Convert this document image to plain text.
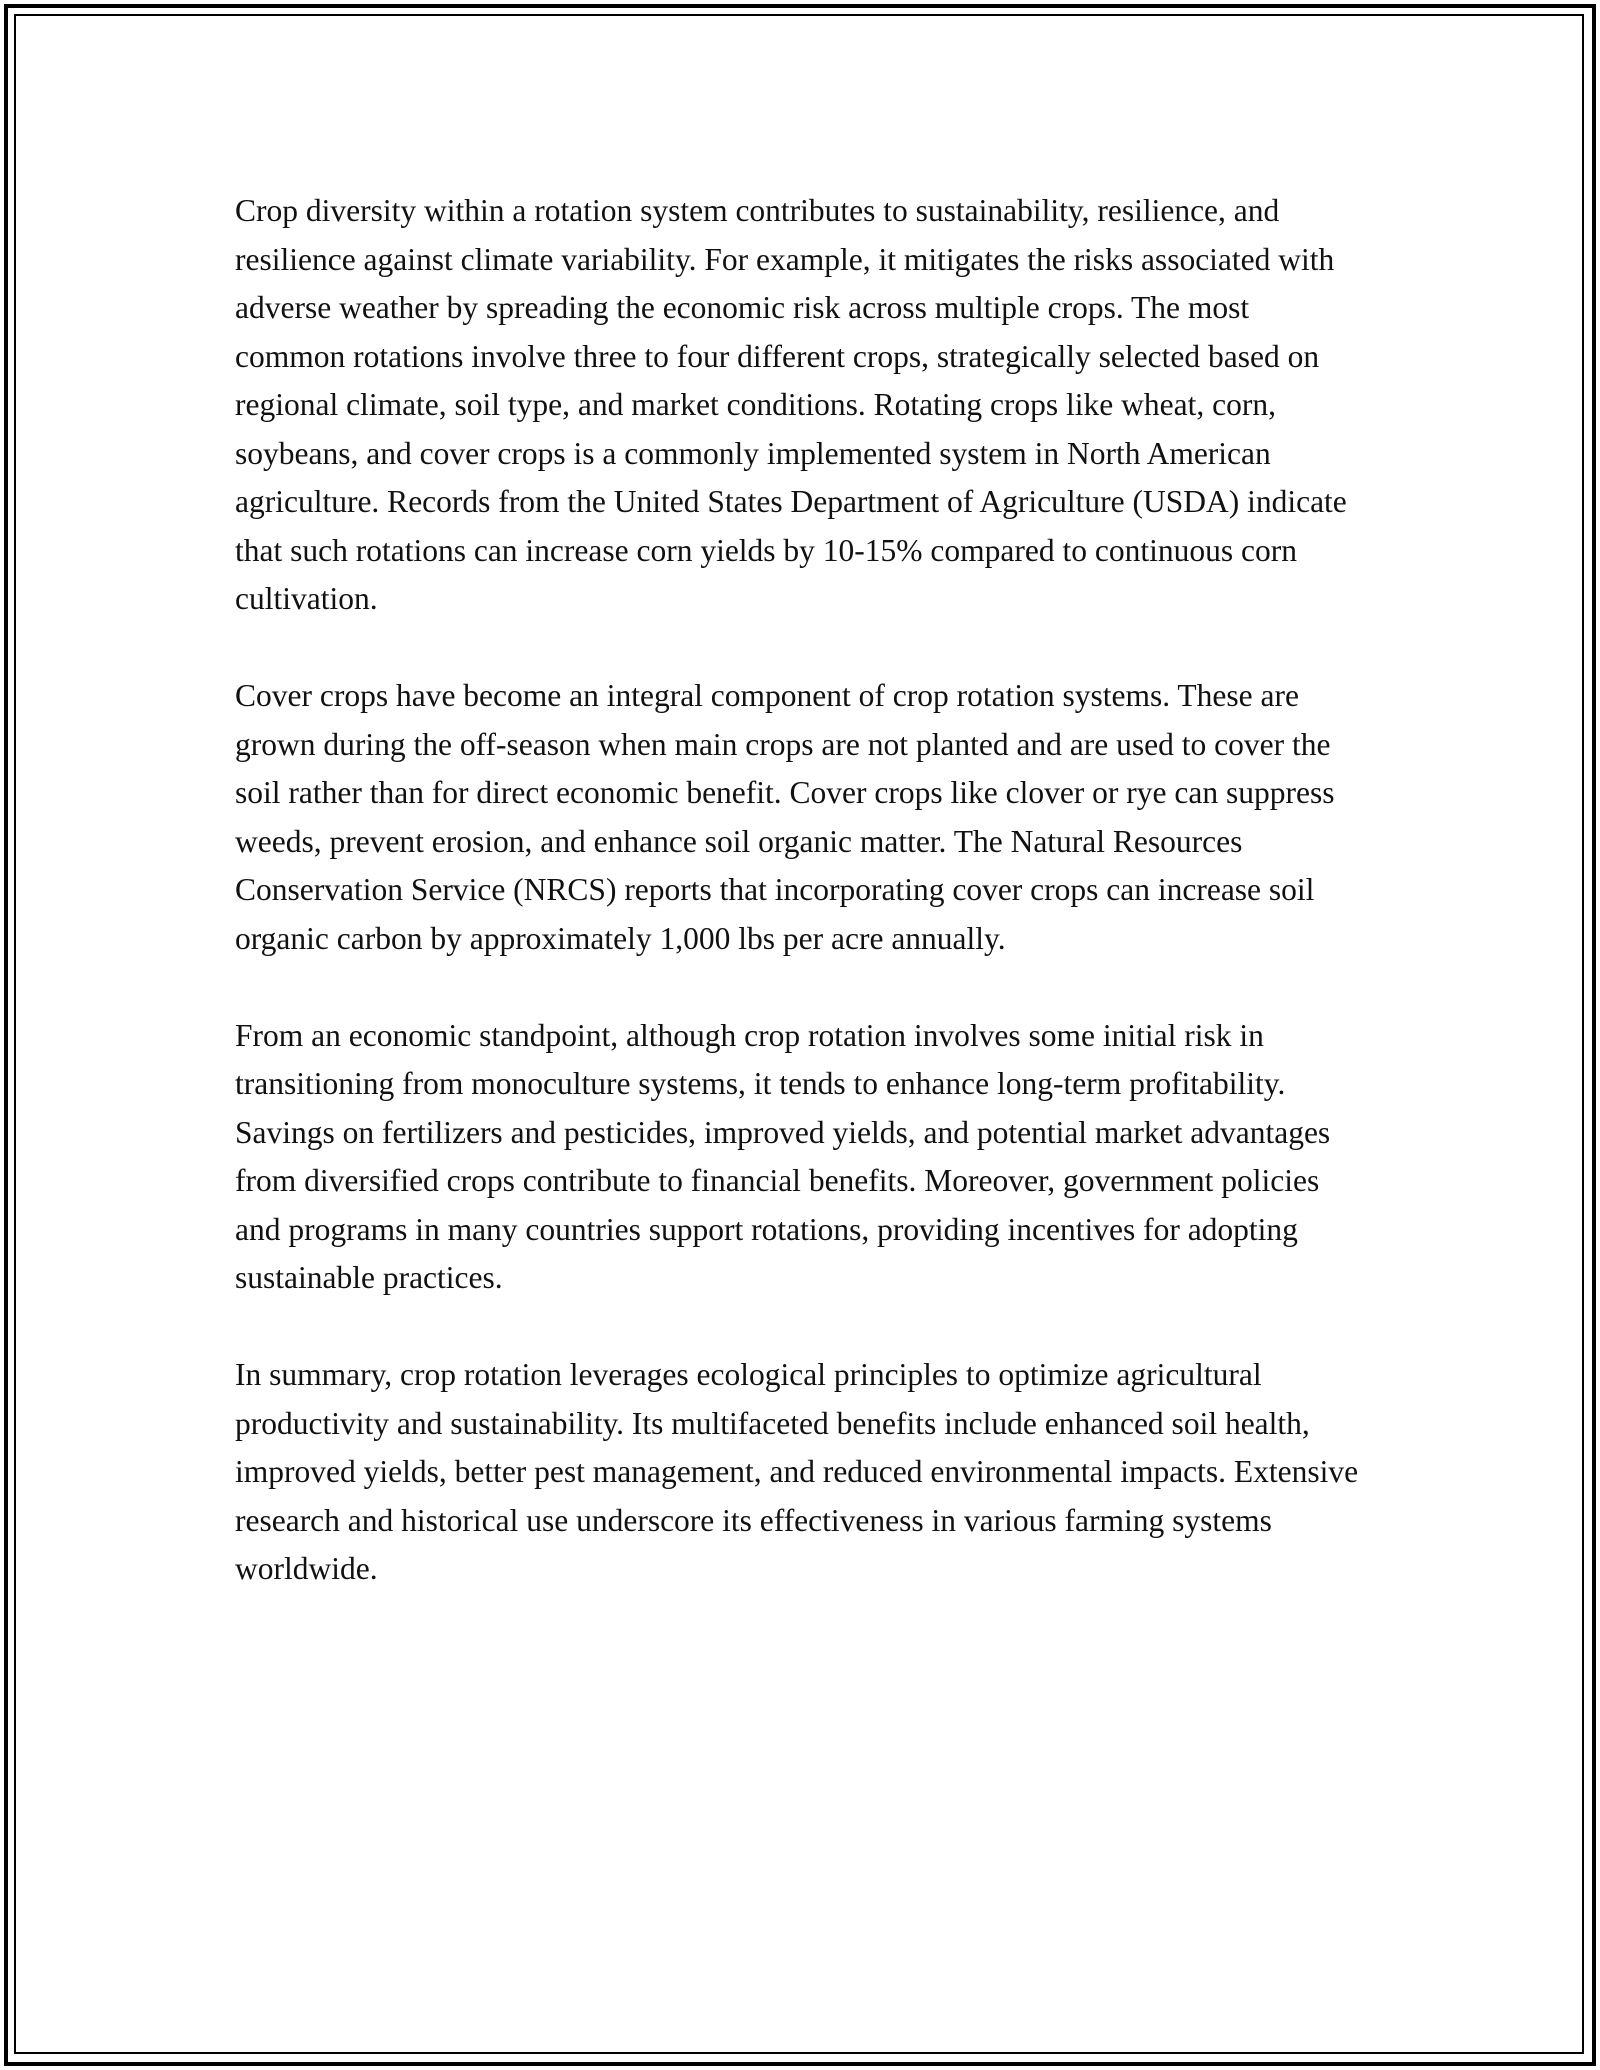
Crop diversity within a rotation system contributes to sustainability, resilience, and resilience against climate variability. For example, it mitigates the risks associated with adverse weather by spreading the economic risk across multiple crops. The most common rotations involve three to four different crops, strategically selected based on regional climate, soil type, and market conditions. Rotating crops like wheat, corn, soybeans, and cover crops is a commonly implemented system in North American agriculture. Records from the United States Department of Agriculture (USDA) indicate that such rotations can increase corn yields by 10-15% compared to continuous corn cultivation.

Cover crops have become an integral component of crop rotation systems. These are grown during the off-season when main crops are not planted and are used to cover the soil rather than for direct economic benefit. Cover crops like clover or rye can suppress weeds, prevent erosion, and enhance soil organic matter. The Natural Resources Conservation Service (NRCS) reports that incorporating cover crops can increase soil organic carbon by approximately 1,000 lbs per acre annually.

From an economic standpoint, although crop rotation involves some initial risk in transitioning from monoculture systems, it tends to enhance long-term profitability. Savings on fertilizers and pesticides, improved yields, and potential market advantages from diversified crops contribute to financial benefits. Moreover, government policies and programs in many countries support rotations, providing incentives for adopting sustainable practices.

In summary, crop rotation leverages ecological principles to optimize agricultural productivity and sustainability. Its multifaceted benefits include enhanced soil health, improved yields, better pest management, and reduced environmental impacts. Extensive research and historical use underscore its effectiveness in various farming systems worldwide.
